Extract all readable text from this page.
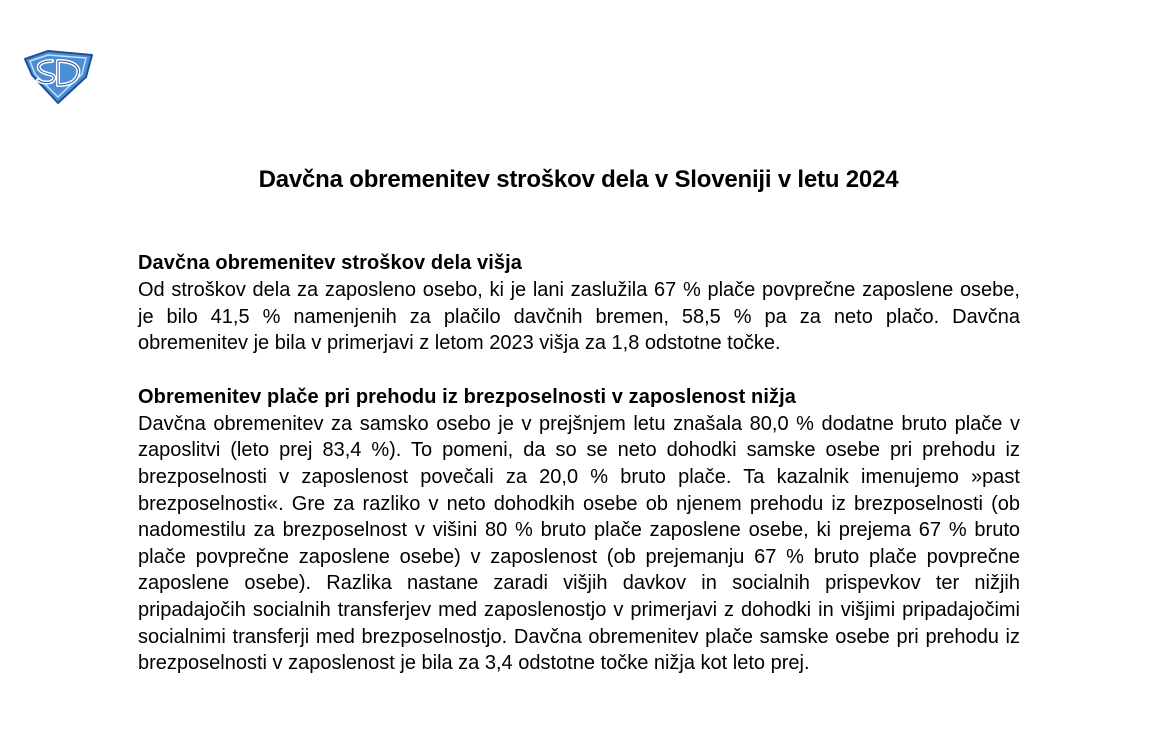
Davčna obremenitev stroškov dela v Sloveniji v letu 2024
Davčna obremenitev stroškov dela višja

Od stroškov dela za zaposleno osebo, ki je lani zaslužila 67 % plače povprečne zaposlene osebe, je bilo 41,5 % namenjenih za plačilo davčnih bremen, 58,5 % pa za neto plačo. Davčna obremenitev je bila v primerjavi z letom 2023 višja za 1,8 odstotne točke.

Obremenitev plače pri prehodu iz brezposelnosti v zaposlenost nižja

Davčna obremenitev za samsko osebo je v prejšnjem letu znašala 80,0 % dodatne bruto plače v zaposlitvi (leto prej 83,4 %). To pomeni, da so se neto dohodki samske osebe pri prehodu iz brezposelnosti v zaposlenost povečali za 20,0 % bruto plače. Ta kazalnik imenujemo »past brezposelnosti«. Gre za razliko v neto dohodkih osebe ob njenem prehodu iz brezposelnosti (ob nadomestilu za brezposelnost v višini 80 % bruto plače zaposlene osebe, ki prejema 67 % bruto plače povprečne zaposlene osebe) v zaposlenost (ob prejemanju 67 % bruto plače povprečne zaposlene osebe). Razlika nastane zaradi višjih davkov in socialnih prispevkov ter nižjih pripadajočih socialnih transferjev med zaposlenostjo v primerjavi z dohodki in višjimi pripadajočimi socialnimi transferji med brezposelnostjo. Davčna obremenitev plače samske osebe pri prehodu iz brezposelnosti v zaposlenost je bila za 3,4 odstotne točke nižja kot leto prej.
